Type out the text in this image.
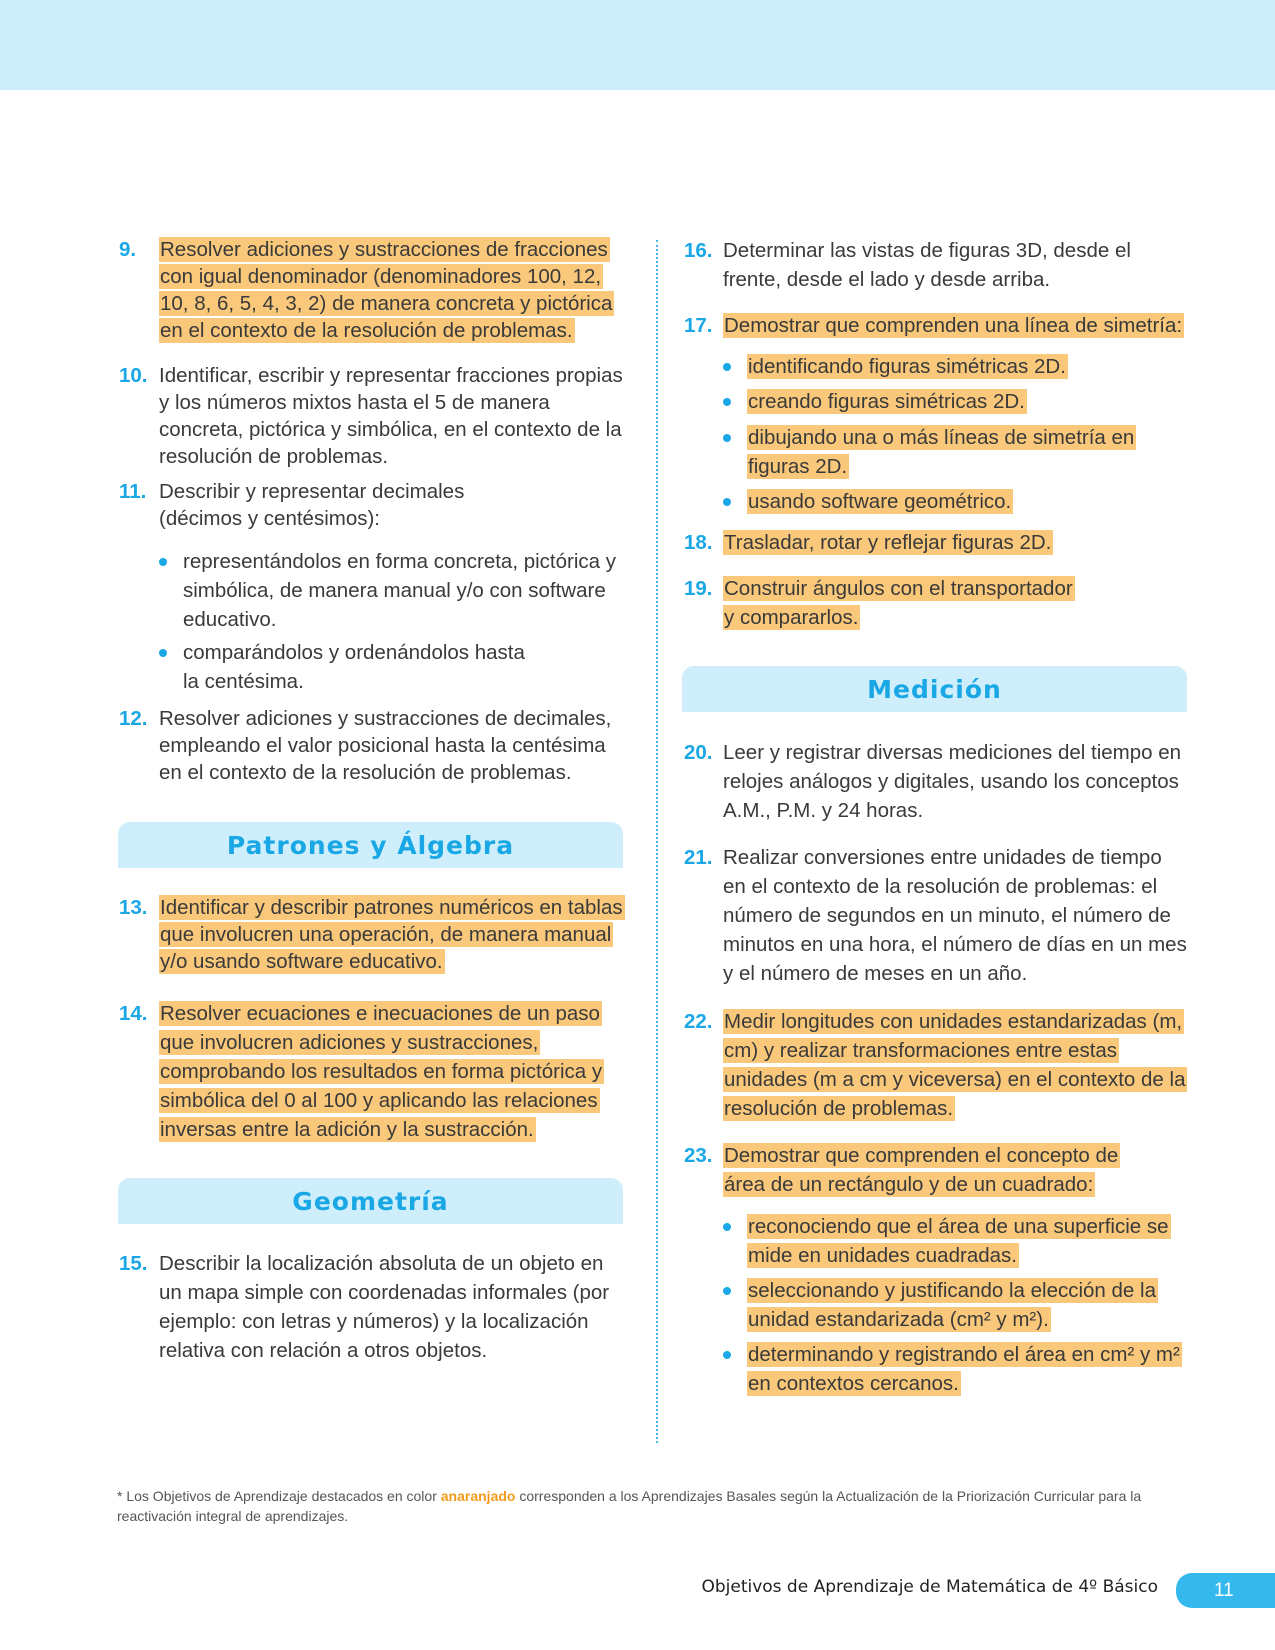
9. Resolver adiciones y sustracciones de fracciones con igual denominador (denominadores 100, 12, 10, 8, 6, 5, 4, 3, 2) de manera concreta y pictórica en el contexto de la resolución de problemas.
10. Identificar, escribir y representar fracciones propias y los números mixtos hasta el 5 de manera concreta, pictórica y simbólica, en el contexto de la resolución de problemas.
11. Describir y representar decimales (décimos y centésimos):
representándolos en forma concreta, pictórica y simbólica, de manera manual y/o con software educativo.
comparándolos y ordenándolos hasta la centésima.
12. Resolver adiciones y sustracciones de decimales, empleando el valor posicional hasta la centésima en el contexto de la resolución de problemas.
Patrones y Álgebra
13. Identificar y describir patrones numéricos en tablas que involucren una operación, de manera manual y/o usando software educativo.
14. Resolver ecuaciones e inecuaciones de un paso que involucren adiciones y sustracciones, comprobando los resultados en forma pictórica y simbólica del 0 al 100 y aplicando las relaciones inversas entre la adición y la sustracción.
Geometría
15. Describir la localización absoluta de un objeto en un mapa simple con coordenadas informales (por ejemplo: con letras y números) y la localización relativa con relación a otros objetos.
16. Determinar las vistas de figuras 3D, desde el frente, desde el lado y desde arriba.
17. Demostrar que comprenden una línea de simetría:
identificando figuras simétricas 2D.
creando figuras simétricas 2D.
dibujando una o más líneas de simetría en figuras 2D.
usando software geométrico.
18. Trasladar, rotar y reflejar figuras 2D.
19. Construir ángulos con el transportador y compararlos.
Medición
20. Leer y registrar diversas mediciones del tiempo en relojes análogos y digitales, usando los conceptos A.M., P.M. y 24 horas.
21. Realizar conversiones entre unidades de tiempo en el contexto de la resolución de problemas: el número de segundos en un minuto, el número de minutos en una hora, el número de días en un mes y el número de meses en un año.
22. Medir longitudes con unidades estandarizadas (m, cm) y realizar transformaciones entre estas unidades (m a cm y viceversa) en el contexto de la resolución de problemas.
23. Demostrar que comprenden el concepto de área de un rectángulo y de un cuadrado:
reconociendo que el área de una superficie se mide en unidades cuadradas.
seleccionando y justificando la elección de la unidad estandarizada (cm² y m²).
determinando y registrando el área en cm² y m² en contextos cercanos.
* Los Objetivos de Aprendizaje destacados en color anaranjado corresponden a los Aprendizajes Basales según la Actualización de la Priorización Curricular para la reactivación integral de aprendizajes.
Objetivos de Aprendizaje de Matemática de 4º Básico	11
